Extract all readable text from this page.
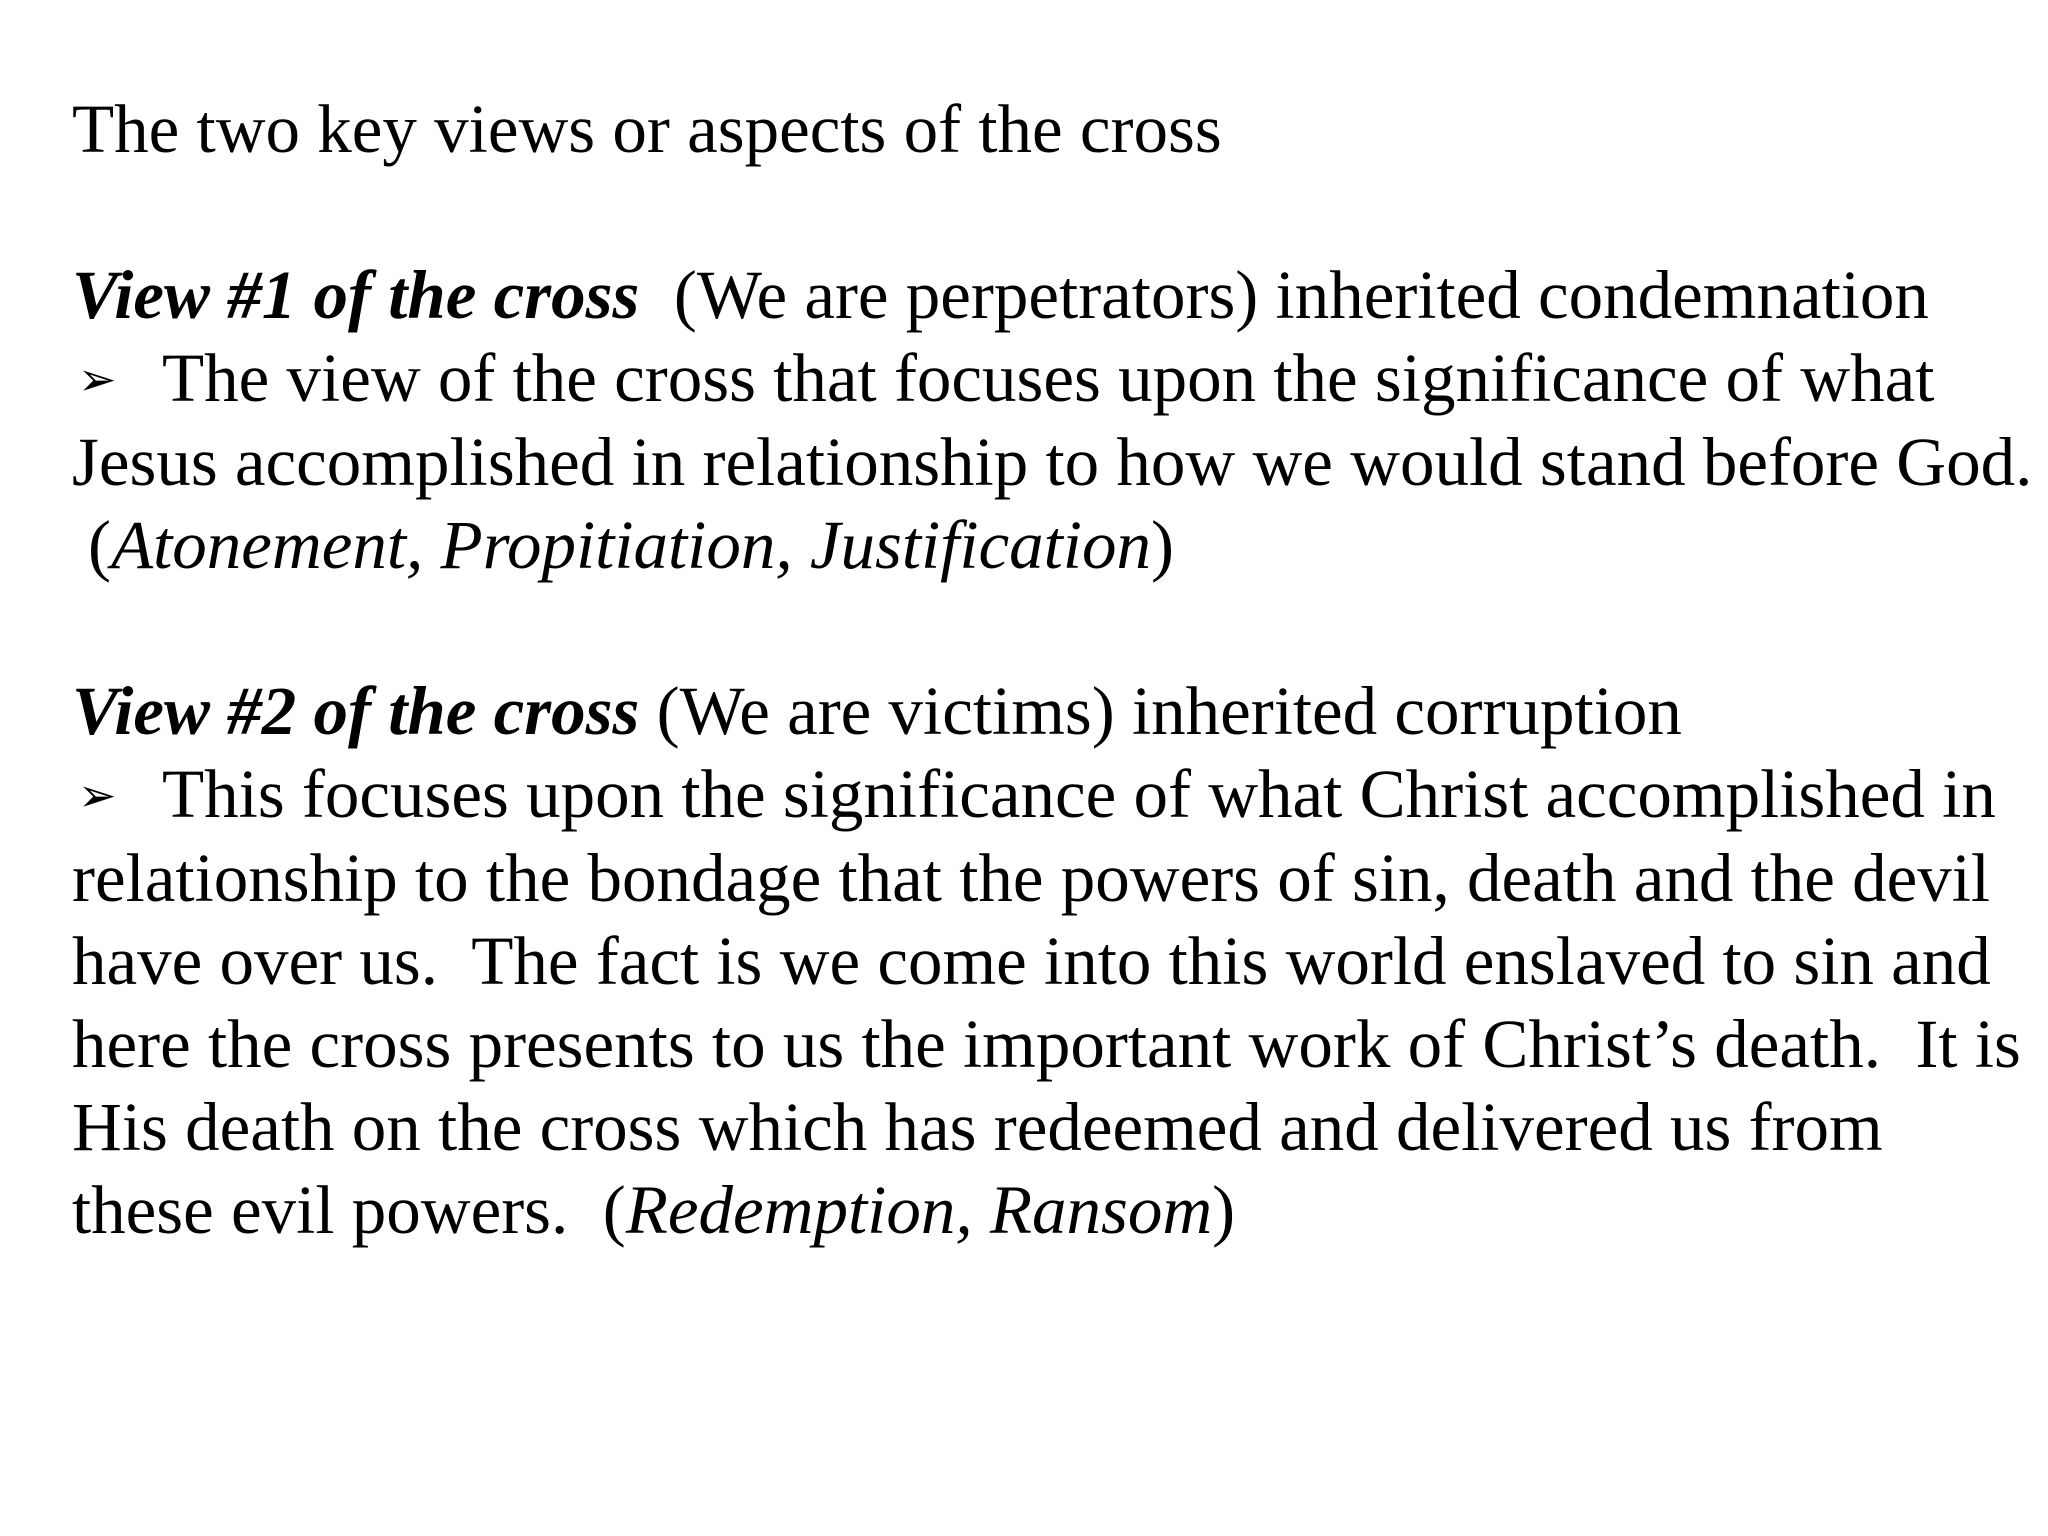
The two key views or aspects of the cross
View #1 of the cross (We are perpetrators) inherited condemnation
➢ The view of the cross that focuses upon the significance of what
Jesus accomplished in relationship to how we would stand before God.
(Atonement, Propitiation, Justification)
View #2 of the cross (We are victims) inherited corruption
➢ This focuses upon the significance of what Christ accomplished in
relationship to the bondage that the powers of sin, death and the devil
have over us.  The fact is we come into this world enslaved to sin and
here the cross presents to us the important work of Christ’s death.  It is
His death on the cross which has redeemed and delivered us from
these evil powers.  (Redemption, Ransom)
